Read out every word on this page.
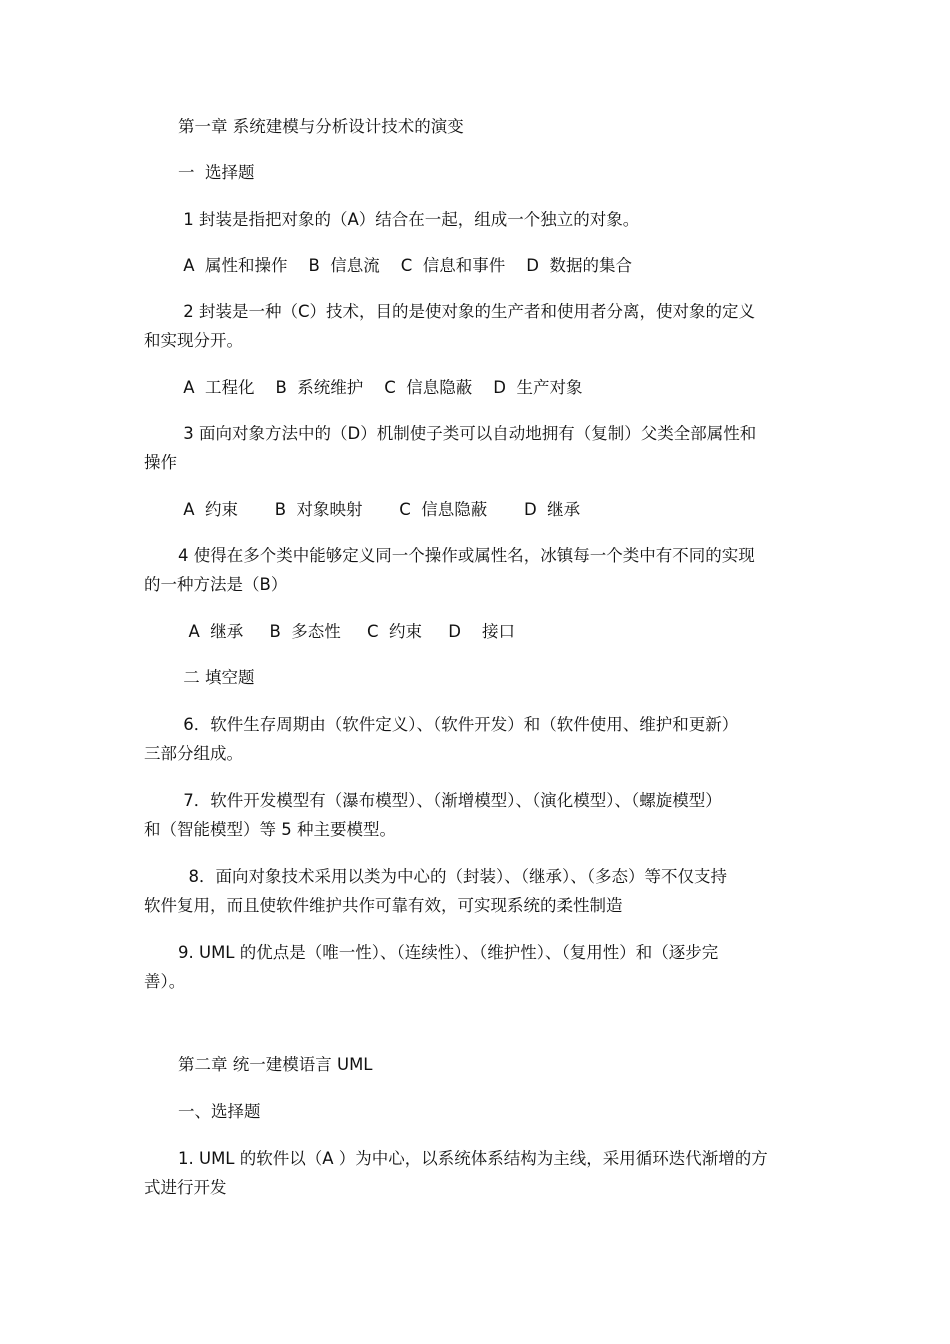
第一章 系统建模与分析设计技术的演变
一  选择题
1 封装是指把对象的（A）结合在一起，组成一个独立的对象。
A  属性和操作    B  信息流    C  信息和事件    D  数据的集合
2 封装是一种（C）技术，目的是使对象的生产者和使用者分离，使对象的定义
和实现分开。
A  工程化    B  系统维护    C  信息隐蔽    D  生产对象
3 面向对象方法中的（D）机制使子类可以自动地拥有（复制）父类全部属性和
操作
A  约束       B  对象映射       C  信息隐蔽       D  继承
4 使得在多个类中能够定义同一个操作或属性名，冰镇每一个类中有不同的实现
的一种方法是（B）
A  继承     B  多态性     C  约束     D    接口
二 填空题
6．软件生存周期由（软件定义）、（软件开发）和（软件使用、维护和更新）
三部分组成。
7．软件开发模型有（瀑布模型）、（渐增模型）、（演化模型）、（螺旋模型）
和（智能模型）等 5 种主要模型。
8．面向对象技术采用以类为中心的（封装）、（继承）、（多态）等不仅支持
软件复用，而且使软件维护共作可靠有效，可实现系统的柔性制造
9. UML 的优点是（唯一性）、（连续性）、（维护性）、（复用性）和（逐步完
善）。
第二章 统一建模语言 UML
一、选择题
1. UML 的软件以（A ）为中心，以系统体系结构为主线，采用循环迭代渐增的方
式进行开发
